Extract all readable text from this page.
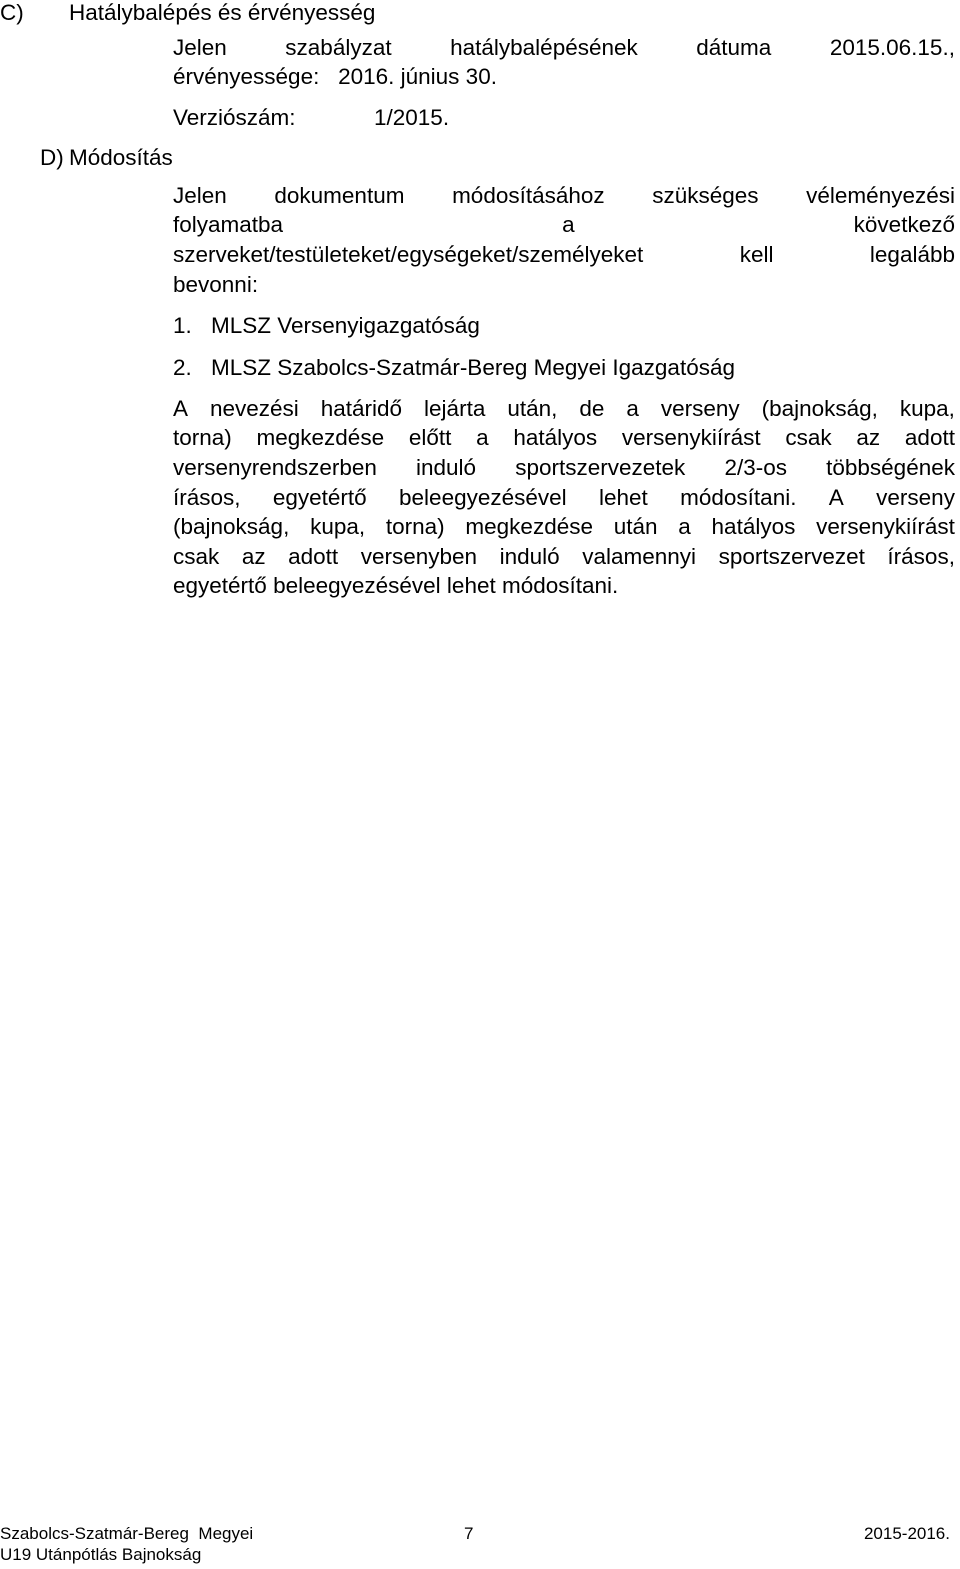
C) Hatálybalépés és érvényesség
Jelen	szabályzat	hatálybalépésének	dátuma	2015.06.15.,
érvényessége:   2016. június 30.
Verziószám:	1/2015.
D) Módosítás
Jelen dokumentum módosításához szükséges véleményezési
folyamatba	a	következő
szerveket/testületeket/egységeket/személyeket	kell	legalább
bevonni:
1. MLSZ Versenyigazgatóság
2. MLSZ Szabolcs-Szatmár-Bereg Megyei Igazgatóság
A nevezési határidő lejárta után, de a verseny (bajnokság, kupa,
torna) megkezdése előtt a hatályos versenykiírást csak az adott
versenyrendszerben induló sportszervezetek 2/3-os többségének
írásos, egyetértő beleegyezésével lehet módosítani. A verseny
(bajnokság, kupa, torna) megkezdése után a hatályos versenykiírást
csak az adott versenyben induló valamennyi sportszervezet írásos,
egyetértő beleegyezésével lehet módosítani.
Szabolcs-Szatmár-Bereg  Megyei	7	2015-2016.
U19 Utánpótlás Bajnokság
